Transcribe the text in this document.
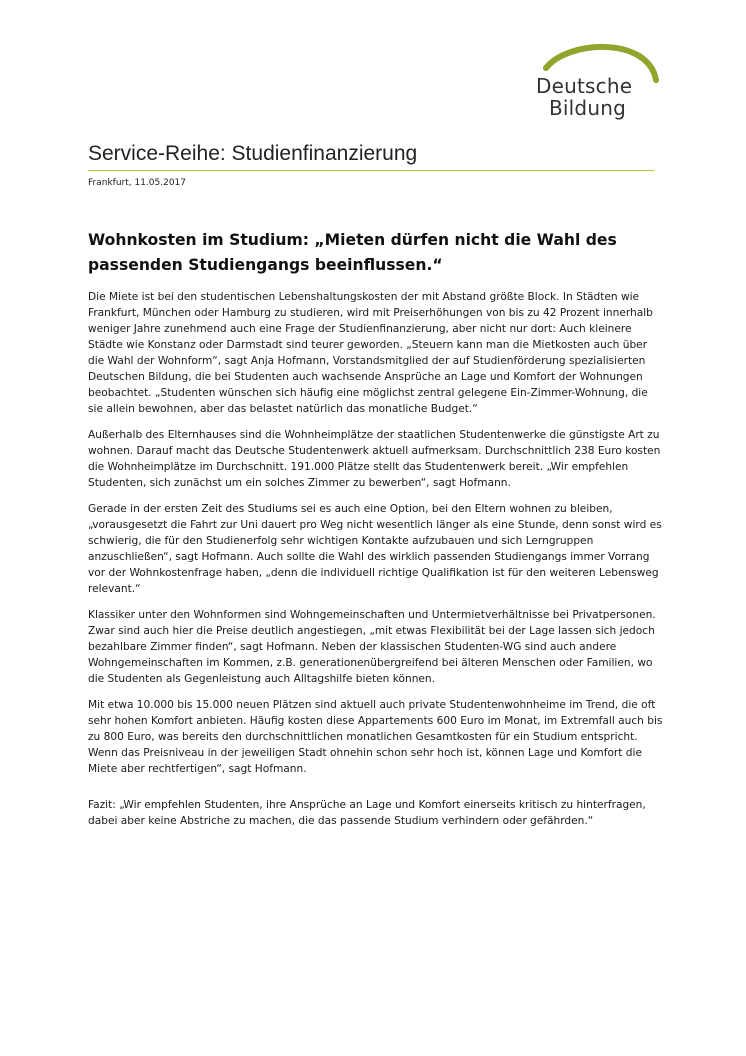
Deutsche
Bildung
Service-Reihe: Studienfinanzierung
Frankfurt, 11.05.2017
Wohnkosten im Studium: „Mieten dürfen nicht die Wahl des passenden Studiengangs beeinflussen.“

Die Miete ist bei den studentischen Lebenshaltungskosten der mit Abstand größte Block. In Städten wie Frankfurt, München oder Hamburg zu studieren, wird mit Preiserhöhungen von bis zu 42 Prozent innerhalb weniger Jahre zunehmend auch eine Frage der Studienfinanzierung, aber nicht nur dort: Auch kleinere Städte wie Konstanz oder Darmstadt sind teurer geworden. „Steuern kann man die Mietkosten auch über die Wahl der Wohnform“, sagt Anja Hofmann, Vorstandsmitglied der auf Studienförderung spezialisierten Deutschen Bildung, die bei Studenten auch wachsende Ansprüche an Lage und Komfort der Wohnungen beobachtet. „Studenten wünschen sich häufig eine möglichst zentral gelegene Ein-Zimmer-Wohnung, die sie allein bewohnen, aber das belastet natürlich das monatliche Budget.“

Außerhalb des Elternhauses sind die Wohnheimplätze der staatlichen Studentenwerke die günstigste Art zu wohnen. Darauf macht das Deutsche Studentenwerk aktuell aufmerksam. Durchschnittlich 238 Euro kosten die Wohnheimplätze im Durchschnitt. 191.000 Plätze stellt das Studentenwerk bereit. „Wir empfehlen Studenten, sich zunächst um ein solches Zimmer zu bewerben“, sagt Hofmann.

Gerade in der ersten Zeit des Studiums sei es auch eine Option, bei den Eltern wohnen zu bleiben, „vorausgesetzt die Fahrt zur Uni dauert pro Weg nicht wesentlich länger als eine Stunde, denn sonst wird es schwierig, die für den Studienerfolg sehr wichtigen Kontakte aufzubauen und sich Lerngruppen anzuschließen“, sagt Hofmann. Auch sollte die Wahl des wirklich passenden Studiengangs immer Vorrang vor der Wohnkostenfrage haben, „denn die individuell richtige Qualifikation ist für den weiteren Lebensweg relevant.“

Klassiker unter den Wohnformen sind Wohngemeinschaften und Untermietverhältnisse bei Privatpersonen. Zwar sind auch hier die Preise deutlich angestiegen, „mit etwas Flexibilität bei der Lage lassen sich jedoch bezahlbare Zimmer finden“, sagt Hofmann. Neben der klassischen Studenten-WG sind auch andere Wohngemeinschaften im Kommen, z.B. generationenübergreifend bei älteren Menschen oder Familien, wo die Studenten als Gegenleistung auch Alltagshilfe bieten können.

Mit etwa 10.000 bis 15.000 neuen Plätzen sind aktuell auch private Studentenwohnheime im Trend, die oft sehr hohen Komfort anbieten. Häufig kosten diese Appartements 600 Euro im Monat, im Extremfall auch bis zu 800 Euro, was bereits den durchschnittlichen monatlichen Gesamtkosten für ein Studium entspricht. Wenn das Preisniveau in der jeweiligen Stadt ohnehin schon sehr hoch ist, können Lage und Komfort die Miete aber rechtfertigen“, sagt Hofmann.

Fazit: „Wir empfehlen Studenten, ihre Ansprüche an Lage und Komfort einerseits kritisch zu hinterfragen, dabei aber keine Abstriche zu machen, die das passende Studium verhindern oder gefährden.“
